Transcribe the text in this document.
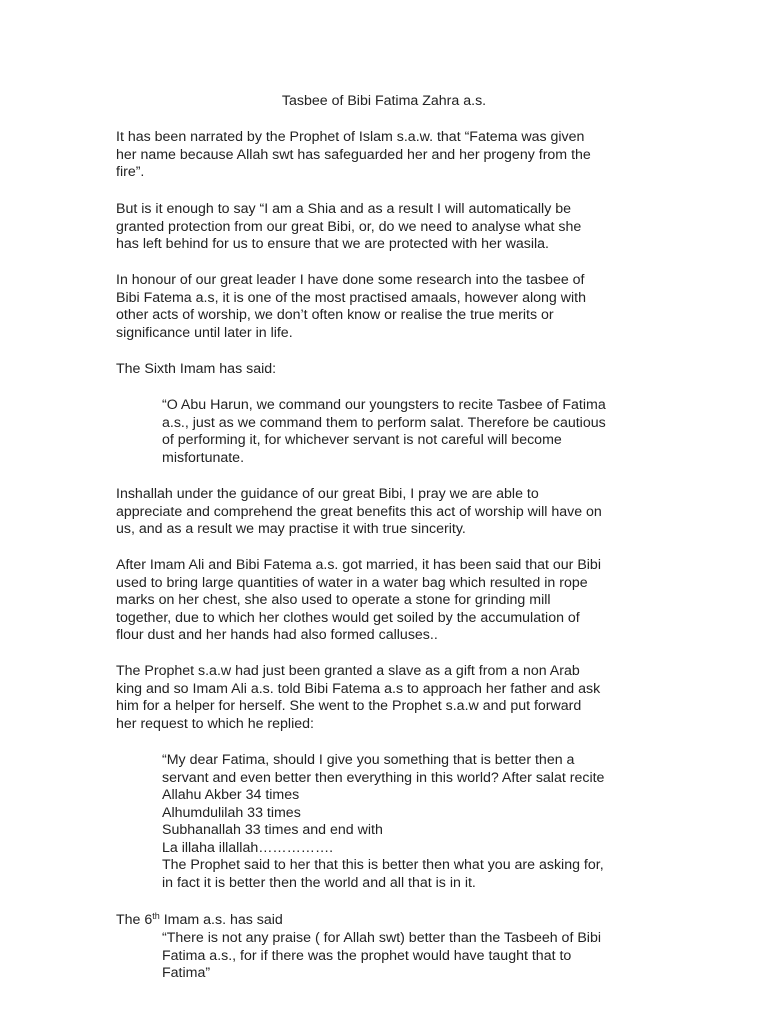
Tasbee of Bibi Fatima Zahra a.s.

It has been narrated by the Prophet of Islam s.a.w. that “Fatema was given
her name because Allah swt has safeguarded her and her progeny from the
fire”.

But is it enough to say “I am a Shia and as a result I will automatically be
granted protection from our great Bibi, or, do we need to analyse what she
has left behind for us to ensure that we are protected with her wasila.

In honour of our great leader I have done some research into the tasbee of
Bibi Fatema a.s, it is one of the most practised amaals, however along with
other acts of worship, we don’t often know or realise the true merits or
significance until later in life.

The Sixth Imam has said:

“O Abu Harun, we command our youngsters to recite Tasbee of Fatima
a.s., just as we command them to perform salat. Therefore be cautious
of performing it, for whichever servant is not careful will become
misfortunate.

Inshallah under the guidance of our great Bibi, I pray we are able to
appreciate and comprehend the great benefits this act of worship will have on
us, and as a result we may practise it with true sincerity.

After Imam Ali and Bibi Fatema a.s. got married, it has been said that our Bibi
used to bring large quantities of water in a water bag which resulted in rope
marks on her chest, she also used to operate a stone for grinding mill
together, due to which her clothes would get soiled by the accumulation of
flour dust and her hands had also formed calluses..

The Prophet s.a.w had just been granted a slave as a gift from a non Arab
king and so Imam Ali a.s. told Bibi Fatema a.s to approach her father and ask
him for a helper for herself. She went to the Prophet s.a.w and put forward
her request to which he replied:

“My dear Fatima, should I give you something that is better then a
servant and even better then everything in this world? After salat recite
Allahu Akber 34 times
Alhumdulilah 33 times
Subhanallah 33 times and end with
La illaha illallah…………….
The Prophet said to her that this is better then what you are asking for,
in fact it is better then the world and all that is in it.

The 6th Imam a.s. has said

“There is not any praise ( for Allah swt) better than the Tasbeeh of Bibi
Fatima a.s., for if there was the prophet would have taught that to
Fatima”
